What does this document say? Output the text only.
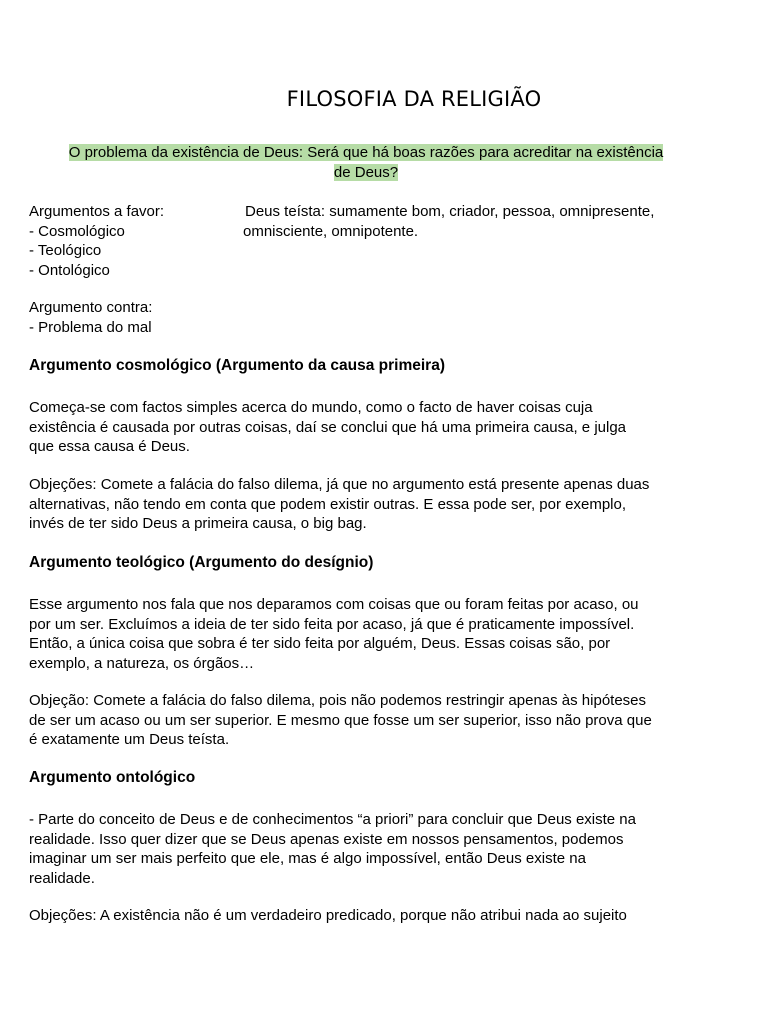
FILOSOFIA DA RELIGIÃO
O problema da existência de Deus: Será que há boas razões para acreditar na existência
de Deus?
Argumentos a favor:
- Cosmológico
- Teológico
- Ontológico
Deus teísta: sumamente bom, criador, pessoa, omnipresente,
omnisciente, omnipotente.
Argumento contra:
- Problema do mal
Argumento cosmológico (Argumento da causa primeira)
Começa-se com factos simples acerca do mundo, como o facto de haver coisas cuja
existência é causada por outras coisas, daí se conclui que há uma primeira causa, e julga
que essa causa é Deus.
Objeções: Comete a falácia do falso dilema, já que no argumento está presente apenas duas
alternativas, não tendo em conta que podem existir outras. E essa pode ser, por exemplo,
invés de ter sido Deus a primeira causa, o big bag.
Argumento teológico (Argumento do desígnio)
Esse argumento nos fala que nos deparamos com coisas que ou foram feitas por acaso, ou
por um ser. Excluímos a ideia de ter sido feita por acaso, já que é praticamente impossível.
Então, a única coisa que sobra é ter sido feita por alguém, Deus. Essas coisas são, por
exemplo, a natureza, os órgãos…
Objeção: Comete a falácia do falso dilema, pois não podemos restringir apenas às hipóteses
de ser um acaso ou um ser superior. E mesmo que fosse um ser superior, isso não prova que
é exatamente um Deus teísta.
Argumento ontológico
- Parte do conceito de Deus e de conhecimentos “a priori” para concluir que Deus existe na
realidade. Isso quer dizer que se Deus apenas existe em nossos pensamentos, podemos
imaginar um ser mais perfeito que ele, mas é algo impossível, então Deus existe na
realidade.
Objeções: A existência não é um verdadeiro predicado, porque não atribui nada ao sujeito
